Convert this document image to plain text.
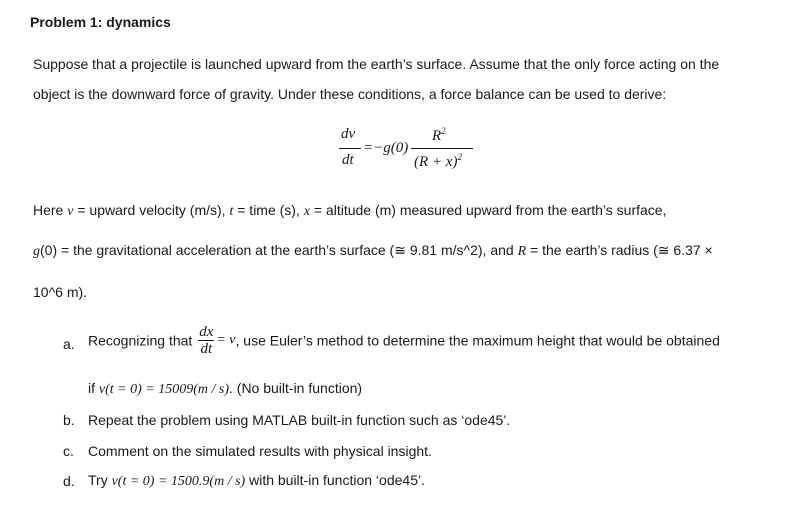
Problem 1: dynamics
Suppose that a projectile is launched upward from the earth’s surface. Assume that the only force acting on the
object is the downward force of gravity. Under these conditions, a force balance can be used to derive:
dv
dt
=−g(0)
$R^2$
$(R + x)^2$
Here v = upward velocity (m/s), t = time (s), x = altitude (m) measured upward from the earth’s surface,
g(0) = the gravitational acceleration at the earth’s surface (≅ 9.81 m/s^2), and R = the earth’s radius (≅ 6.37 ×
10^6 m).
a. Recognizing that $\frac{dx}{dt} = v$, use Euler’s method to determine the maximum height that would be obtained
if v(t = 0) = 15009(m / s). (No built-in function)
b. Repeat the problem using MATLAB built-in function such as ‘ode45’.
c. Comment on the simulated results with physical insight.
d. Try v(t = 0) = 1500.9(m / s) with built-in function ‘ode45’.
